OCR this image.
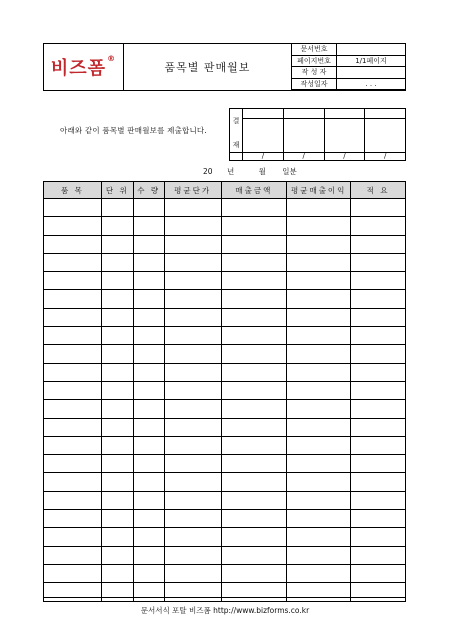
비즈폼®
품목별 판매월보
문서번호	
페이지번호	1/1페이지
작 성 자	
작성일자	. . .
아래와 같이 품목별 판매월보를 제출합니다.
결
재				

	/	/	/	/
20 년	월 일분
품 목	단 위	수 량	평균단가	매출금액	평균매출이익	적 요

문서서식 포탈 비즈폼 http://www.bizforms.co.kr
